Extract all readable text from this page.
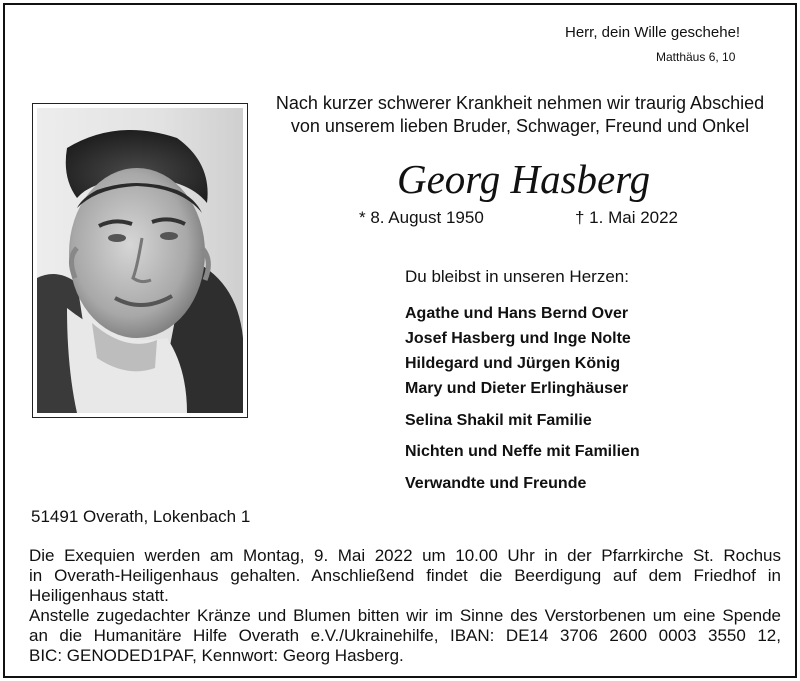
Herr, dein Wille geschehe!
Matthäus 6, 10
Nach kurzer schwerer Krankheit nehmen wir traurig Abschied
von unserem lieben Bruder, Schwager, Freund und Onkel
Georg Hasberg
* 8. August 1950	† 1. Mai 2022
Du bleibst in unseren Herzen:
Agathe und Hans Bernd Over
Josef Hasberg und Inge Nolte
Hildegard und Jürgen König
Mary und Dieter Erlinghäuser
Selina Shakil mit Familie
Nichten und Neffe mit Familien
Verwandte und Freunde
51491 Overath, Lokenbach 1

Die Exequien werden am Montag, 9. Mai 2022 um 10.00 Uhr in der Pfarrkirche St. Rochus

in Overath-Heiligenhaus gehalten. Anschließend findet die Beerdigung auf dem Friedhof in

Heiligenhaus statt.

Anstelle zugedachter Kränze und Blumen bitten wir im Sinne des Verstorbenen um eine Spende

an die Humanitäre Hilfe Overath e.V./Ukrainehilfe, IBAN: DE14 3706 2600 0003 3550 12,

BIC: GENODED1PAF, Kennwort: Georg Hasberg.
